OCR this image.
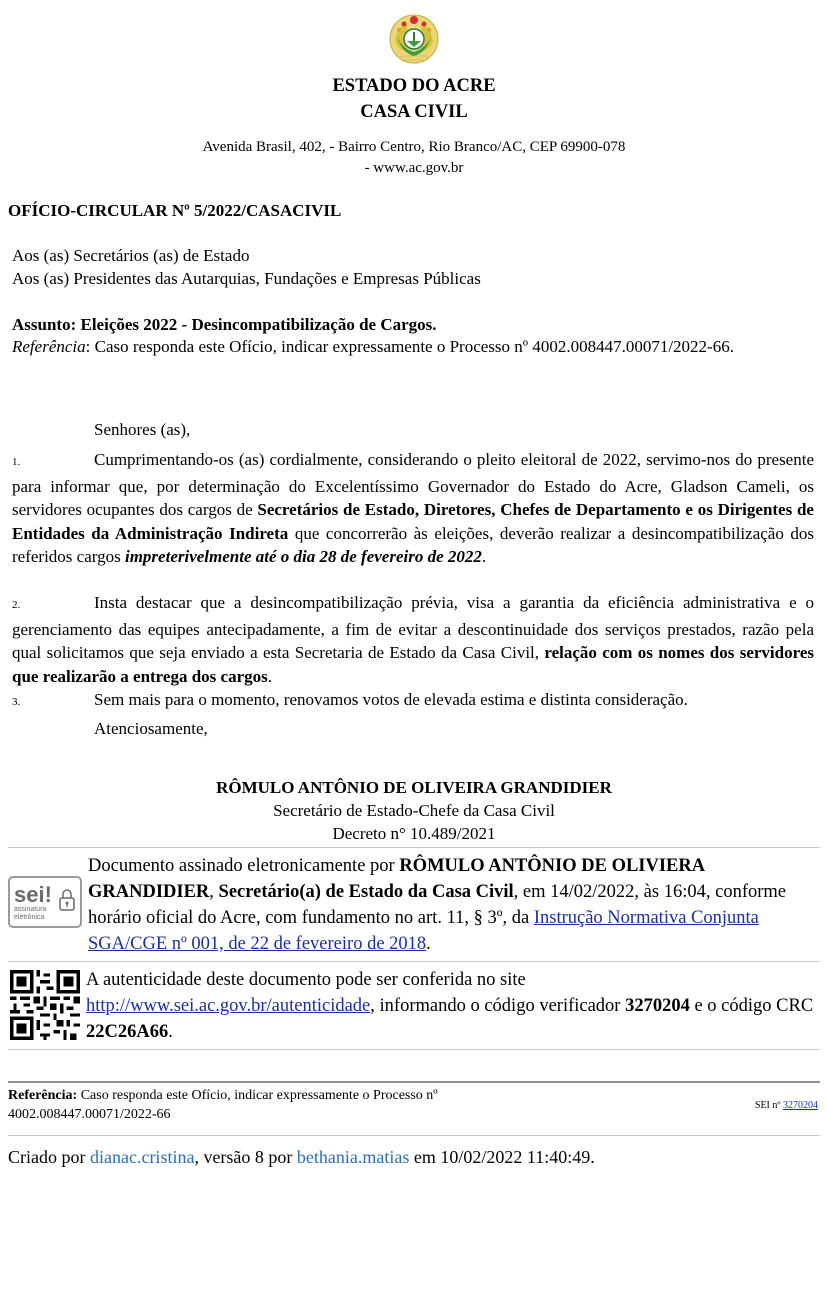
ESTADO DO ACRE
CASA CIVIL
Avenida Brasil, 402, - Bairro Centro, Rio Branco/AC, CEP 69900-078
- www.ac.gov.br
OFÍCIO-CIRCULAR Nº 5/2022/CASACIVIL
Aos (as) Secretários (as) de Estado
Aos (as) Presidentes das Autarquias, Fundações e Empresas Públicas
Assunto: Eleições 2022 - Desincompatibilização de Cargos.
Referência: Caso responda este Ofício, indicar expressamente o Processo nº 4002.008447.00071/2022-66.
Senhores (as),
1.	Cumprimentando-os (as) cordialmente, considerando o pleito eleitoral de 2022, servimo-nos do presente para informar que, por determinação do Excelentíssimo Governador do Estado do Acre, Gladson Cameli, os servidores ocupantes dos cargos de Secretários de Estado, Diretores, Chefes de Departamento e os Dirigentes de Entidades da Administração Indireta que concorrerão às eleições, deverão realizar a desincompatibilização dos referidos cargos impreterivelmente até o dia 28 de fevereiro de 2022.
2.	Insta destacar que a desincompatibilização prévia, visa a garantia da eficiência administrativa e o gerenciamento das equipes antecipadamente, a fim de evitar a descontinuidade dos serviços prestados, razão pela qual solicitamos que seja enviado a esta Secretaria de Estado da Casa Civil, relação com os nomes dos servidores que realizarão a entrega dos cargos.
3.	Sem mais para o momento, renovamos votos de elevada estima e distinta consideração.
Atenciosamente,
RÔMULO ANTÔNIO DE OLIVEIRA GRANDIDIER
Secretário de Estado-Chefe da Casa Civil
Decreto n° 10.489/2021
sei!
assinatura
eletrônica
Documento assinado eletronicamente por RÔMULO ANTÔNIO DE OLIVIERA GRANDIDIER, Secretário(a) de Estado da Casa Civil, em 14/02/2022, às 16:04, conforme horário oficial do Acre, com fundamento no art. 11, § 3º, da Instrução Normativa Conjunta SGA/CGE nº 001, de 22 de fevereiro de 2018.
A autenticidade deste documento pode ser conferida no site http://www.sei.ac.gov.br/autenticidade, informando o código verificador 3270204 e o código CRC 22C26A66.
Referência: Caso responda este Ofício, indicar expressamente o Processo nº 4002.008447.00071/2022-66
SEI nº 3270204
Criado por dianac.cristina, versão 8 por bethania.matias em 10/02/2022 11:40:49.
